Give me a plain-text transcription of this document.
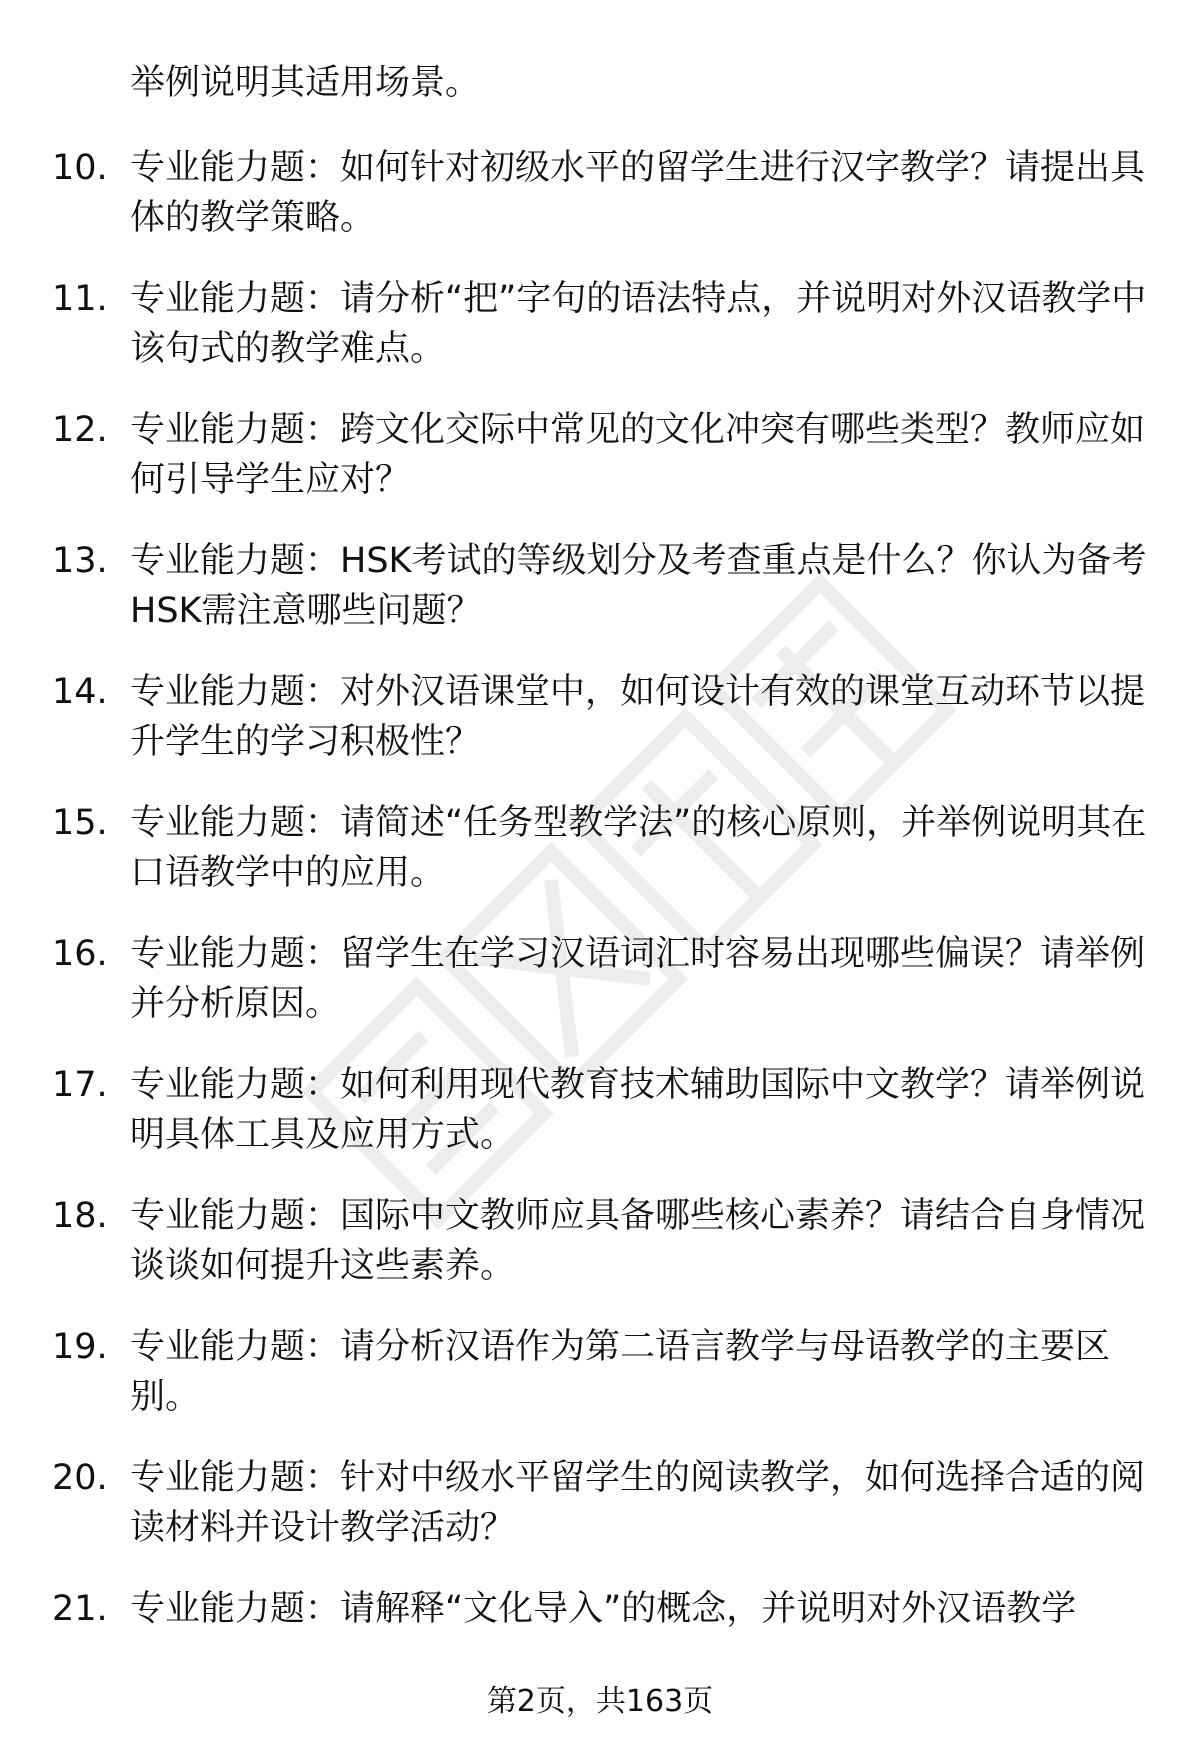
举例说明其适用场景。
10. 专业能力题：如何针对初级水平的留学生进行汉字教学？请提出具体的教学策略。
11. 专业能力题：请分析“把”字句的语法特点，并说明对外汉语教学中该句式的教学难点。
12. 专业能力题：跨文化交际中常见的文化冲突有哪些类型？教师应如何引导学生应对？
13. 专业能力题：HSK考试的等级划分及考查重点是什么？你认为备考HSK需注意哪些问题？
14. 专业能力题：对外汉语课堂中，如何设计有效的课堂互动环节以提升学生的学习积极性？
15. 专业能力题：请简述“任务型教学法”的核心原则，并举例说明其在口语教学中的应用。
16. 专业能力题：留学生在学习汉语词汇时容易出现哪些偏误？请举例并分析原因。
17. 专业能力题：如何利用现代教育技术辅助国际中文教学？请举例说明具体工具及应用方式。
18. 专业能力题：国际中文教师应具备哪些核心素养？请结合自身情况谈谈如何提升这些素养。
19. 专业能力题：请分析汉语作为第二语言教学与母语教学的主要区别。
20. 专业能力题：针对中级水平留学生的阅读教学，如何选择合适的阅读材料并设计教学活动？
21. 专业能力题：请解释“文化导入”的概念，并说明对外汉语教学
第2页，共163页
